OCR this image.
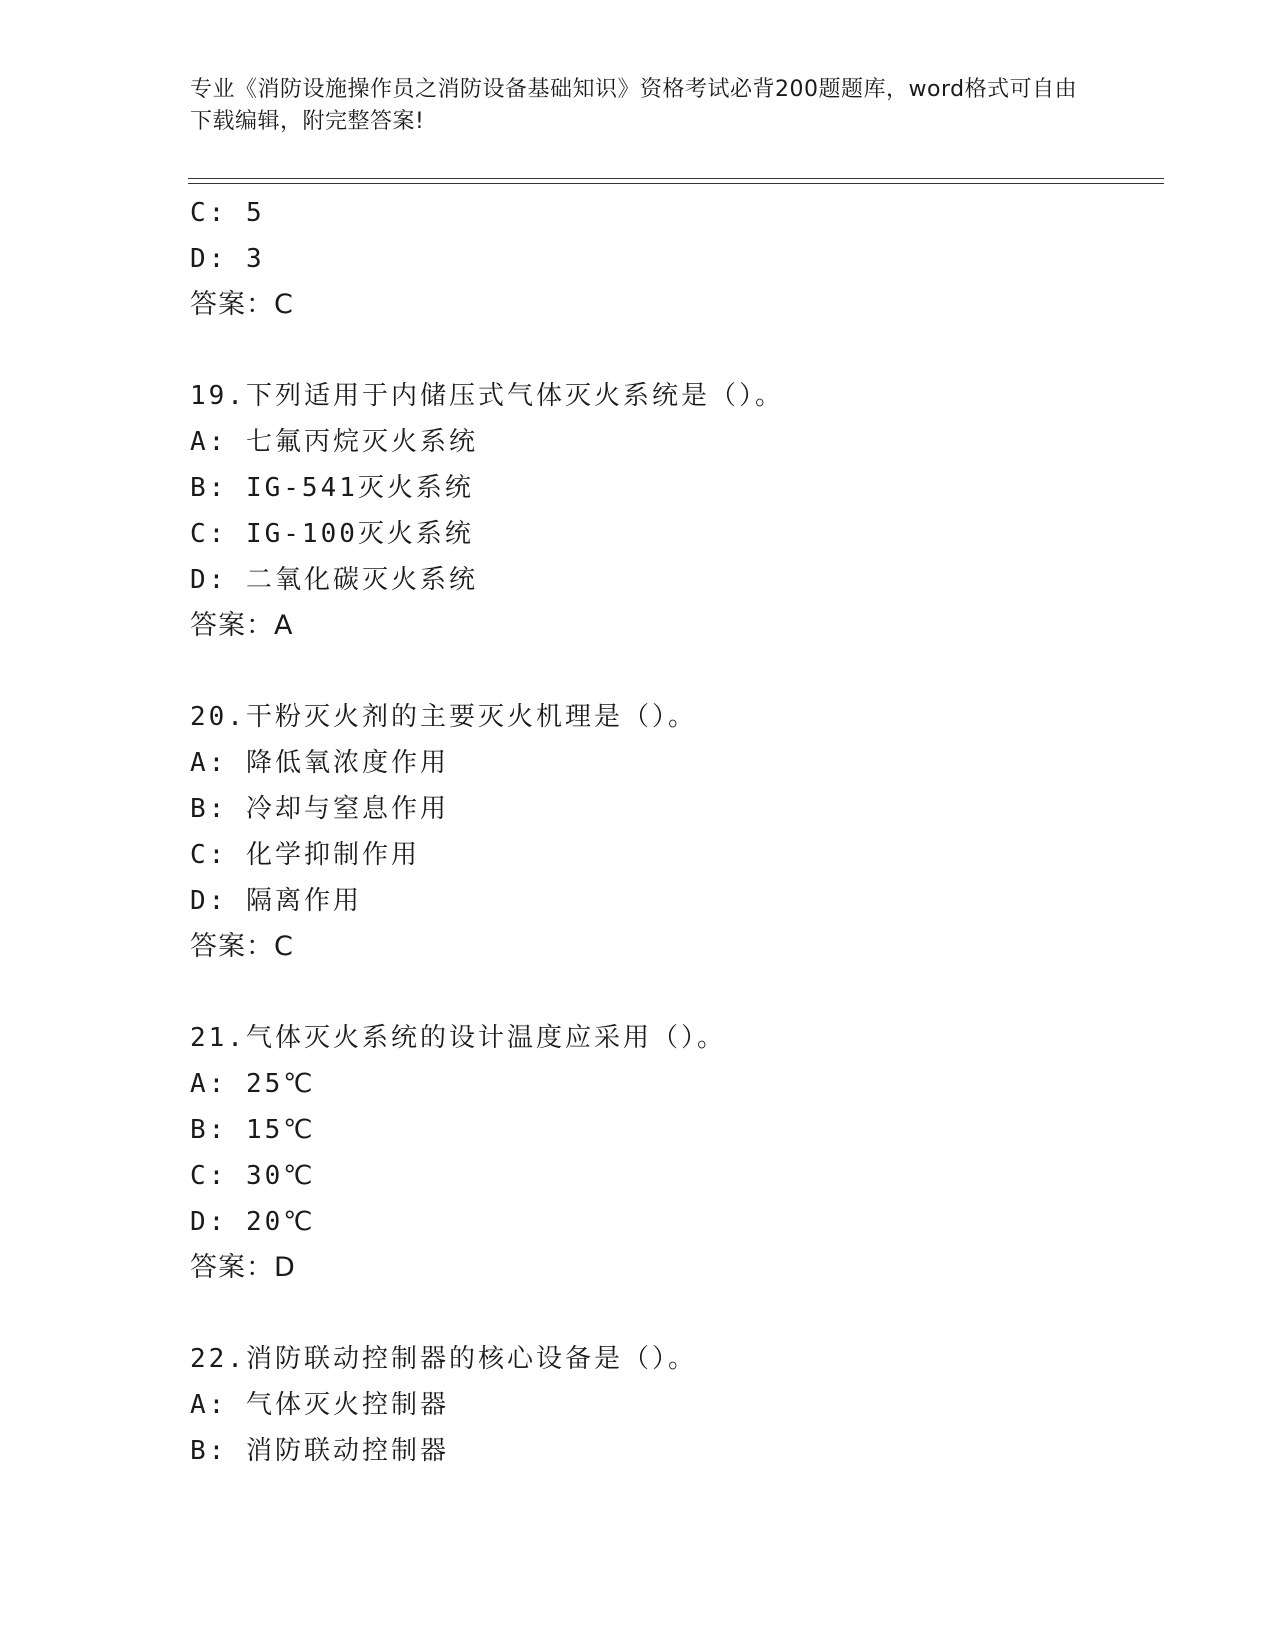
专业《消防设施操作员之消防设备基础知识》资格考试必背200题题库，word格式可自由下载编辑，附完整答案!
C: 5
D: 3
答案：C
19.下列适用于内储压式气体灭火系统是（）。
A: 七氟丙烷灭火系统
B: IG-541灭火系统
C: IG-100灭火系统
D: 二氧化碳灭火系统
答案：A
20.干粉灭火剂的主要灭火机理是（）。
A: 降低氧浓度作用
B: 冷却与窒息作用
C: 化学抑制作用
D: 隔离作用
答案：C
21.气体灭火系统的设计温度应采用（）。
A: 25℃
B: 15℃
C: 30℃
D: 20℃
答案：D
22.消防联动控制器的核心设备是（）。
A: 气体灭火控制器
B: 消防联动控制器
